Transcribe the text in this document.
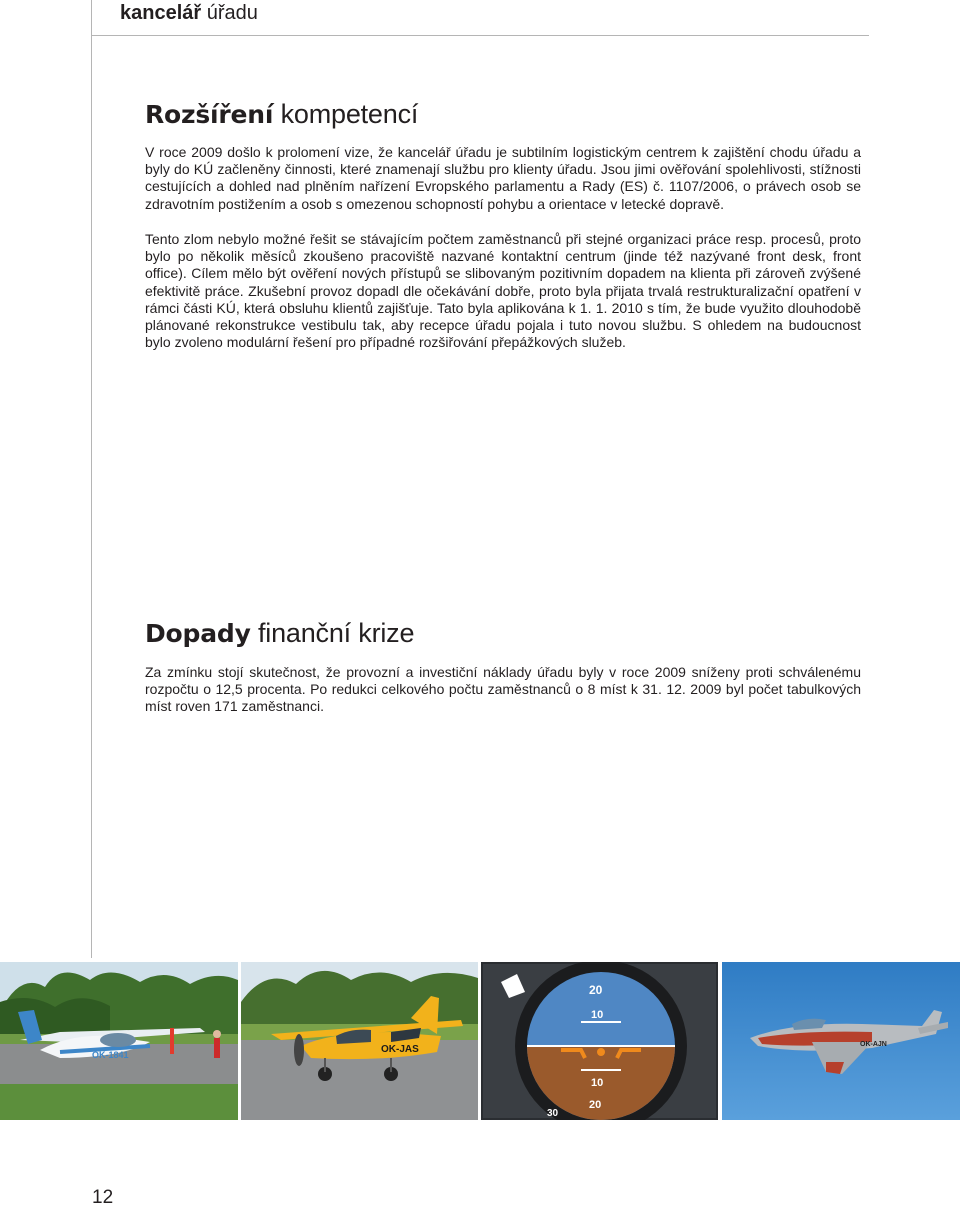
kancelář úřadu
Rozšíření kompetencí

V roce 2009 došlo k prolomení vize, že kancelář úřadu je subtilním logistickým centrem k zajištění chodu úřadu a byly do KÚ začleněny činnosti, které znamenají službu pro klienty úřadu. Jsou jimi ověřování spolehlivosti, stížnosti cestujících a dohled nad plněním nařízení Evropského parlamentu a Rady (ES) č. 1107/2006, o právech osob se zdravotním postižením a osob s omezenou schopností pohybu a orientace v letecké dopravě.

Tento zlom nebylo možné řešit se stávajícím počtem zaměstnanců při stejné organizaci práce resp. procesů, proto bylo po několik měsíců zkoušeno pracoviště nazvané kontaktní centrum (jinde též nazývané front desk, front office). Cílem mělo být ověření nových přístupů se slibovaným pozitivním dopadem na klienta při zároveň zvýšené efektivitě práce. Zkušební provoz dopadl dle očekávání dobře, proto byla přijata trvalá restrukturalizační opatření v rámci části KÚ, která obsluhu klientů zajišťuje. Tato byla aplikována k 1. 1. 2010 s tím, že bude využito dlouhodobě plánované rekonstrukce vestibulu tak, aby recepce úřadu pojala i tuto novou službu. S ohledem na budoucnost bylo zvoleno modulární řešení pro případné rozšiřování přepážkových služeb.

Dopady finanční krize

Za zmínku stojí skutečnost, že provozní a investiční náklady úřadu byly v roce 2009 sníženy proti schválenému rozpočtu o 12,5 procenta. Po redukci celkového počtu zaměstnanců o 8 míst k 31. 12. 2009 byl počet tabulkových míst roven 171 zaměstnanci.

OK-1841	OK-JAS
20
10
10
20
30
OK-AJN
12
